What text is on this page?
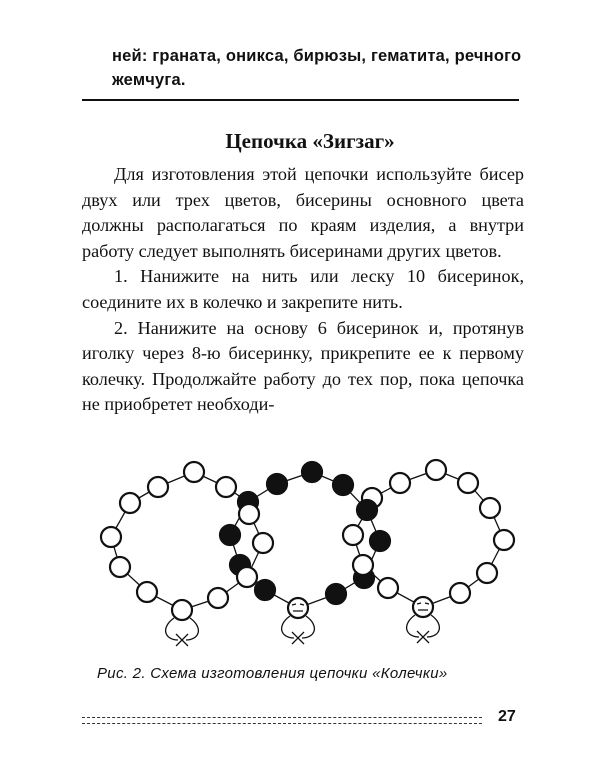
ней: граната, оникса, бирюзы, гематита, речного жемчуга.
Цепочка «Зигзаг»

Для изготовления этой цепочки используйте бисер двух или трех цветов, бисерины основного цвета должны располагаться по краям изделия, а внутри работу следует выполнять бисеринами других цветов.

1. Нанижите на нить или леску 10 бисеринок, соедините их в колечко и закрепите нить.

2. Нанижите на основу 6 бисеринок и, протянув иголку через 8-ю бисеринку, прикрепите ее к первому колечку. Продолжайте работу до тех пор, пока цепочка не приобретет необходи-

Рис. 2. Схема изготовления цепочки «Колечки»
27
